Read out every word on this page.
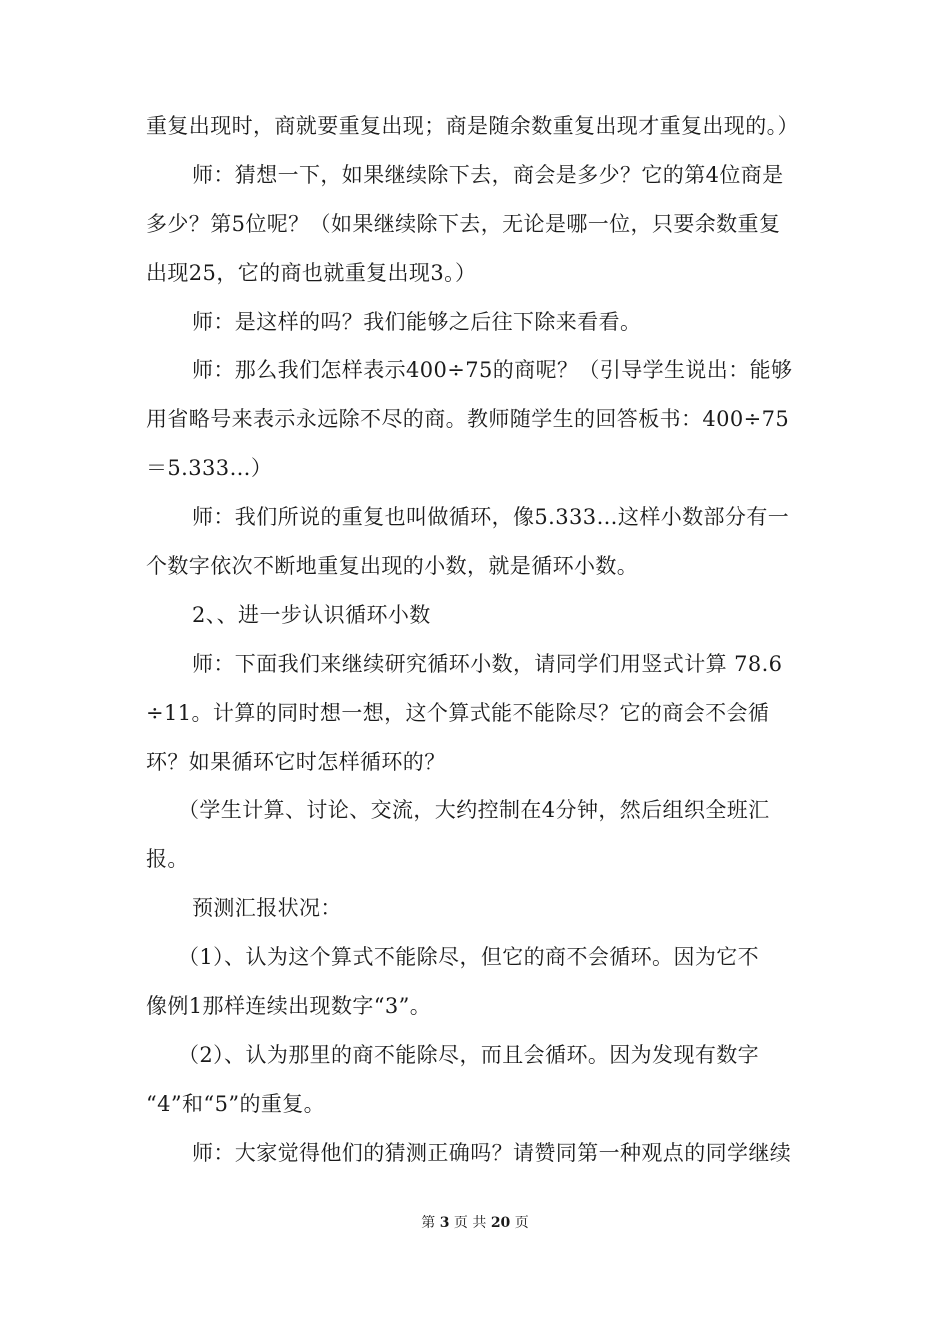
重复出现时，商就要重复出现；商是随余数重复出现才重复出现的。）
师：猜想一下，如果继续除下去，商会是多少？它的第4位商是
多少？第5位呢？（如果继续除下去，无论是哪一位，只要余数重复
出现25，它的商也就重复出现3。）
师：是这样的吗？我们能够之后往下除来看看。
师：那么我们怎样表示400÷75的商呢？（引导学生说出：能够
用省略号来表示永远除不尽的商。教师随学生的回答板书：400÷75
＝5.333…）
师：我们所说的重复也叫做循环，像5.333…这样小数部分有一
个数字依次不断地重复出现的小数，就是循环小数。
2、、进一步认识循环小数
师：下面我们来继续研究循环小数，请同学们用竖式计算 78.6
÷11。计算的同时想一想，这个算式能不能除尽？它的商会不会循
环？如果循环它时怎样循环的？
（学生计算、讨论、交流，大约控制在4分钟，然后组织全班汇
报。
预测汇报状况：
（1）、认为这个算式不能除尽，但它的商不会循环。因为它不
像例1那样连续出现数字“3”。
（2）、认为那里的商不能除尽，而且会循环。因为发现有数字
“4”和“5”的重复。
师：大家觉得他们的猜测正确吗？请赞同第一种观点的同学继续
第 3 页 共 20 页
